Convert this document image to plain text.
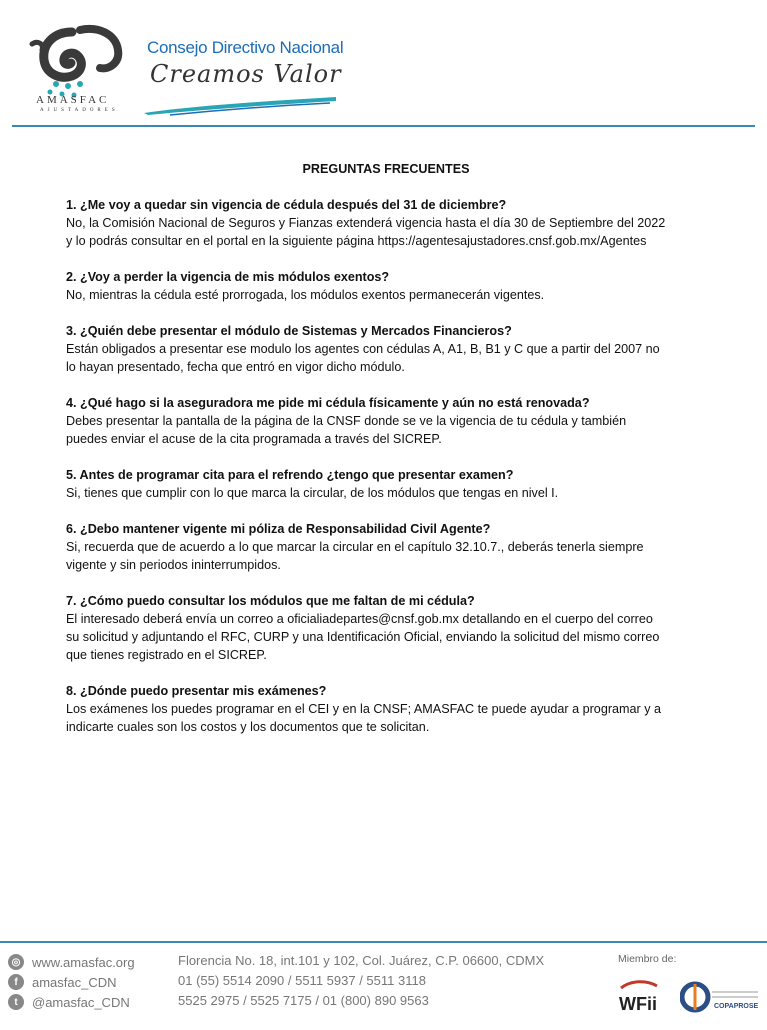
AMASFAC
AJUSTADORES
Consejo Directivo Nacional
Creamos Valor

PREGUNTAS FRECUENTES

1. ¿Me voy a quedar sin vigencia de cédula después del 31 de diciembre?

No, la Comisión Nacional de Seguros y Fianzas extenderá vigencia hasta el día 30 de Septiembre del 2022

y lo podrás consultar en el portal en la siguiente página https://agentesajustadores.cnsf.gob.mx/Agentes

2. ¿Voy a perder la vigencia de mis módulos exentos?

No, mientras la cédula esté prorrogada, los módulos exentos permanecerán vigentes.

3. ¿Quién debe presentar el módulo de Sistemas y Mercados Financieros?

Están obligados a presentar ese modulo los agentes con cédulas A, A1, B, B1 y C que a partir del 2007 no

lo hayan presentado, fecha que entró en vigor dicho módulo.

4. ¿Qué hago si la aseguradora me pide mi cédula físicamente y aún no está renovada?

Debes presentar la pantalla de la página de la CNSF donde se ve la vigencia de tu cédula y también

puedes enviar el acuse de la cita programada a través del SICREP.

5. Antes de programar cita para el refrendo ¿tengo que presentar examen?

Si, tienes que cumplir con lo que marca la circular, de los módulos que tengas en nivel I.

6. ¿Debo mantener vigente mi póliza de Responsabilidad Civil Agente?

Si, recuerda que de acuerdo a lo que marcar la circular en el capítulo 32.10.7., deberás tenerla siempre

vigente y sin periodos ininterrumpidos.

7. ¿Cómo puedo consultar los módulos que me faltan de mi cédula?

El interesado deberá envía un correo a oficialiadepartes@cnsf.gob.mx detallando en el cuerpo del correo

su solicitud y adjuntando el RFC, CURP y una Identificación Oficial, enviando la solicitud del mismo correo

que tienes registrado en el SICREP.

8. ¿Dónde puedo presentar mis exámenes?

Los exámenes los puedes programar en el CEI y en la CNSF; AMASFAC te puede ayudar a programar y a

indicarte cuales son los costos y los documentos que te solicitan.

◎ www.amasfac.org
f	amasfac_CDN
t	@amasfac_CDN
Florencia No. 18, int.101 y 102, Col. Juárez, C.P. 06600, CDMX
01 (55) 5514 2090 / 5511 5937 / 5511 3118
5525 2975 / 5525 7175 / 01 (800) 890 9563
Miembro de:
WFii	COPAPROSE
